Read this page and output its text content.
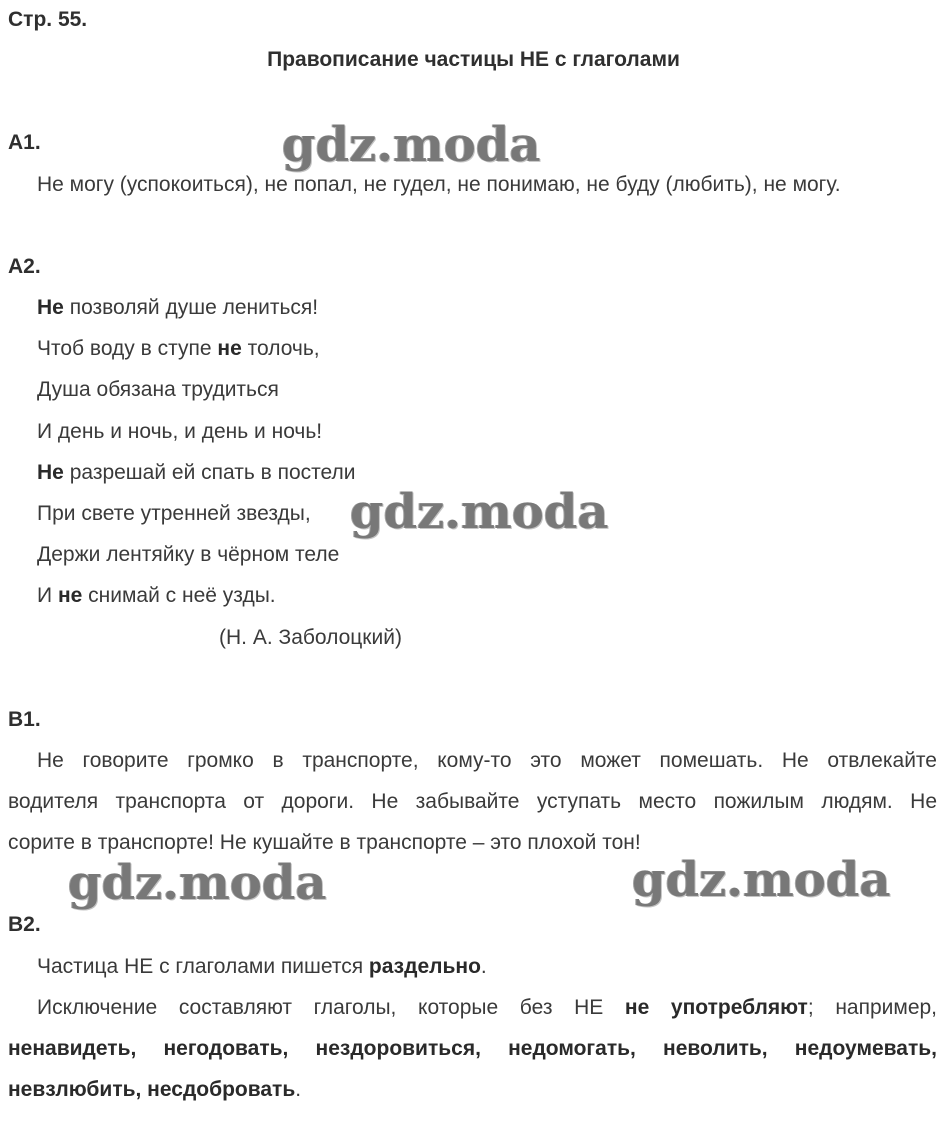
Стр. 55.
Правописание частицы НЕ с глаголами
А1.
Не могу (успокоиться), не попал, не гудел, не понимаю, не буду (любить), не могу.
А2.
Не позволяй душе лениться!
Чтоб воду в ступе не толочь,
Душа обязана трудиться
И день и ночь, и день и ночь!
Не разрешай ей спать в постели
При свете утренней звезды,
Держи лентяйку в чёрном теле
И не снимай с неё узды.
(Н. А. Заболоцкий)
В1.
Не говорите громко в транспорте, кому-то это может помешать. Не отвлекайте
водителя транспорта от дороги. Не забывайте уступать место пожилым людям. Не
сорите в транспорте! Не кушайте в транспорте – это плохой тон!
В2.
Частица НЕ с глаголами пишется раздельно.
Исключение составляют глаголы, которые без НЕ не употребляют; например,
ненавидеть, негодовать, нездоровиться, недомогать, неволить, недоумевать,
невзлюбить, несдобровать.
gdz.moda
gdz.moda
gdz.moda	gdz.moda
